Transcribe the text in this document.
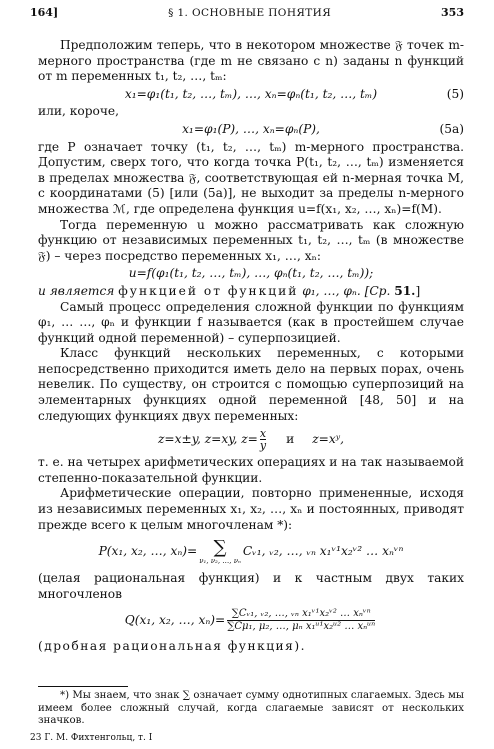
164]	§ 1. ОСНОВНЫЕ ПОНЯТИЯ	353

Предположим теперь, что в некотором множестве 𝔉 точек m-мерного пространства (где m не связано с n) заданы n функций от m переменных t₁, t₂, …, tₘ:

x₁=φ₁(t₁, t₂, …, tₘ), …, xₙ=φₙ(t₁, t₂, …, tₘ)	(5)

или, короче,

x₁=φ₁(P), …, xₙ=φₙ(P),	(5a)

где P означает точку (t₁, t₂, …, tₘ) m-мерного пространства. Допустим, сверх того, что когда точка P(t₁, t₂, …, tₘ) изменяется в пределах множества 𝔉, соответствующая ей n-мерная точка M, с координатами (5) [или (5a)], не выходит за пределы n-мерного множества ℳ, где определена функция u=f(x₁, x₂, …, xₙ)=f(M).

Тогда переменную u можно рассматривать как сложную функцию от независимых переменных t₁, t₂, …, tₘ (в множестве 𝔉) – через посредство переменных x₁, …, xₙ:

u=f(φ₁(t₁, t₂, …, tₘ), …, φₙ(t₁, t₂, …, tₘ));

u является функцией от функций φ₁, …, φₙ. [Ср. 51.]

Самый процесс определения сложной функции по функциям φ₁, … …, φₙ и функции f называется (как в простейшем случае функций одной переменной) – суперпозицией.

Класс функций нескольких переменных, с которыми непосредственно приходится иметь дело на первых порах, очень невелик. По существу, он строится с помощью суперпозиций на элементарных функциях одной переменной [48, 50] и на следующих функциях двух переменных:

z=x±y, z=xy, $z= \frac{x}{y}$ и z=xʸ,

т. е. на четырех арифметических операциях и на так называемой степенно-показательной функции.

Арифметические операции, повторно примененные, исходя из независимых переменных x₁, x₂, …, xₙ и постоянных, приводят прежде всего к целым многочленам *):

P(x₁, x₂, …, xₙ)= ∑
ν₁, ν₂, …, νₙ
Cᵥ₁, ᵥ₂, …, ᵥₙ x₁ᵛ¹x₂ᵛ² … xₙᵛⁿ

(целая рациональная функция) и к частным двух таких многочленов

Q(x₁, x₂, …, $x_n)= \frac{\text{∑Cᵥ₁, ᵥ₂, …, ᵥₙ x₁ᵛ¹x₂ᵛ² … xₙᵛⁿ}}{\text{∑Cμ₁, μ₂, …, μₙ x₁ᵘ¹x₂ᵘ² … xₙᵘⁿ}}$

(дробная рациональная функция).

*) Мы знаем, что знак ∑ означает сумму однотипных слагаемых. Здесь мы имеем более сложный случай, когда слагаемые зависят от нескольких значков.
23 Г. М. Фихтенгольц, т. I
